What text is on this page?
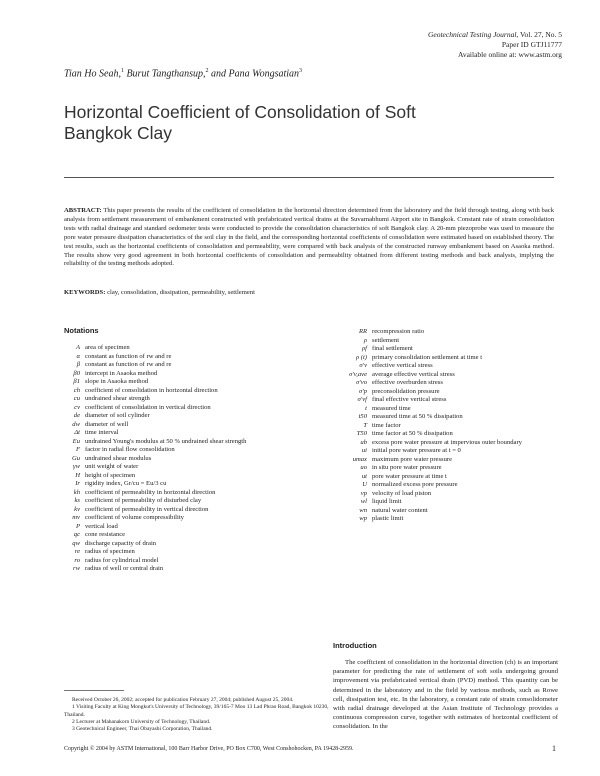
Geotechnical Testing Journal, Vol. 27, No. 5
Paper ID GTJ11777
Available online at: www.astm.org
Tian Ho Seah,$^1$ Burut Tangthansup,$^2$ and Pana Wongsatian$^3$
Horizontal Coefficient of Consolidation of Soft Bangkok Clay
ABSTRACT: This paper presents the results of the coefficient of consolidation in the horizontal direction determined from the laboratory and the field through testing, along with back analysis from settlement measurement of embankment constructed with prefabricated vertical drains at the Suvarnabhumi Airport site in Bangkok. Constant rate of strain consolidation tests with radial drainage and standard oedometer tests were conducted to provide the consolidation characteristics of soft Bangkok clay. A 20-mm piezoprobe was used to measure the pore water pressure dissipation characteristics of the soil clay in the field, and the corresponding horizontal coefficients of consolidation were estimated based on established theory. The test results, such as the horizontal coefficients of consolidation and permeability, were compared with back analysis of the constructed runway embankment based on Asaoka method. The results show very good agreement in both horizontal coefficients of consolidation and permeability obtained from different testing methods and back analysis, implying the reliability of the testing methods adopted.
KEYWORDS: clay, consolidation, dissipation, permeability, settlement
Notations
A area of specimen
α constant as function of rw and re
β constant as function of rw and re
β0 intercept in Asaoka method
β1 slope in Asaoka method
ch coefficient of consolidation in horizontal direction
cu undrained shear strength
cv coefficient of consolidation in vertical direction
de diameter of soil cylinder
dw diameter of well
Δt time interval
Eu undrained Young's modulus at 50 % undrained shear strength
F factor in radial flow consolidation
Gu undrained shear modulus
γw unit weight of water
H height of specimen
Ir rigidity index, Gr/cu = Eu/3 cu
kh coefficient of permeability in horizontal direction
ks coefficient of permeability of disturbed clay
kv coefficient of permeability in vertical direction
mv coefficient of volume compressibility
P vertical load
qc cone resistance
qw discharge capacity of drain
re radius of specimen
ro radius for cylindrical model
rw radius of well or central drain
RR recompression ratio
ρ settlement
ρf final settlement
ρ (t) primary consolidation settlement at time t
σ′v effective vertical stress
σ′v,ave average effective vertical stress
σ′vo effective overburden stress
σ′p preconsolidation pressure
σ′vf final effective vertical stress
t measured time
t50 measured time at 50 % dissipation
T time factor
T50 time factor at 50 % dissipation
ub excess pore water pressure at impervious outer boundary
ui initial pore water pressure at t = 0
umax maximum pore water pressure
uo in situ pore water pressure
ut pore water pressure at time t
U normalized excess pore pressure
vp velocity of load piston
wl liquid limit
wn natural water content
wp plastic limit
Received October 26, 2002; accepted for publication February 27, 2004; published August 25, 2004.
1 Visiting Faculty at King Mongkut's University of Technology, 39/165-7 Moo 13 Lad Phrao Road, Bangkok 10230, Thailand.
2 Lecturer at Mahanakorn University of Technology, Thailand.
3 Geotechnical Engineer, Thai Obayashi Corporation, Thailand.
Introduction
The coefficient of consolidation in the horizontal direction (ch) is an important parameter for predicting the rate of settlement of soft soils undergoing ground improvement via prefabricated vertical drain (PVD) method. This quantity can be determined in the laboratory and in the field by various methods, such as Rowe cell, dissipation test, etc. In the laboratory, a constant rate of strain consolidometer with radial drainage developed at the Asian Institute of Technology provides a continuous compression curve, together with estimates of horizontal coefficient of consolidation. In the
Copyright © 2004 by ASTM International, 100 Barr Harbor Drive, PO Box C700, West Conshohocken, PA 19428-2959.	1
